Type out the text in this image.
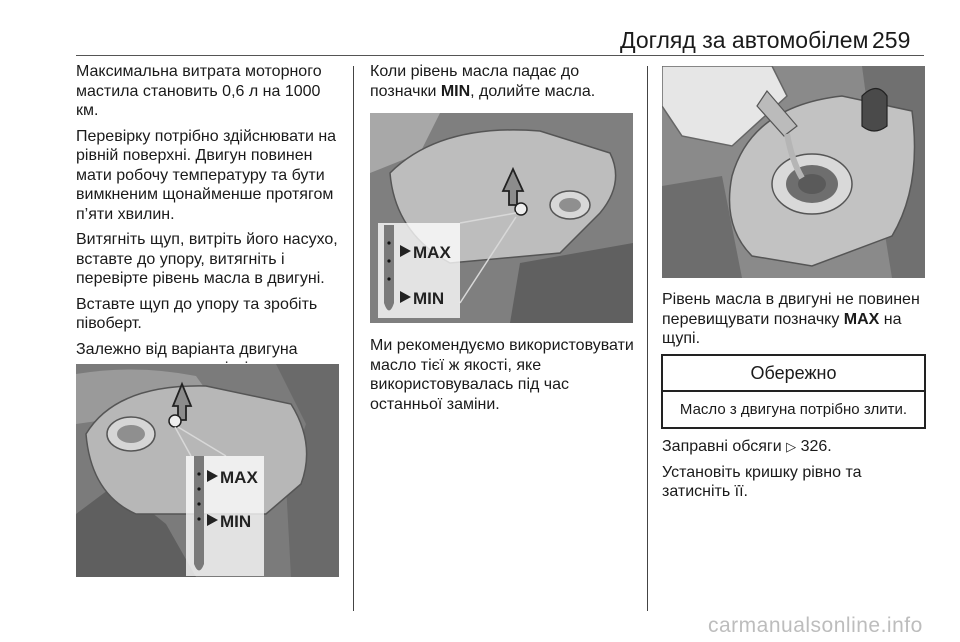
Догляд за автомобілем 259

Максимальна витрата моторного мастила становить 0,6 л на 1000 км.

Перевірку потрібно здійснювати на рівній поверхні. Двигун повинен мати робочу температуру та бути вимкненим щонайменше протягом п’яти хвилин.

Витягніть щуп, витріть його насухо, вставте до упору, витягніть і перевірте рівень масла в двигуні.

Вставте щуп до упору та зробіть півоберт.

Залежно від варіанта двигуна

MAX
MIN

Коли рівень масла падає до позначки MIN, долийте масла.

MAX
MIN

Ми рекомендуємо використовувати масло тієї ж якості, яке використовувалась під час останньої заміни.

Рівень масла в двигуні не повинен перевищувати позначку MAX на щупі.

Обережно
Масло з двигуна потрібно злити.

Заправні обсяги ▷ 326.

Установіть кришку рівно та затисніть її.

carmanualsonline.info
